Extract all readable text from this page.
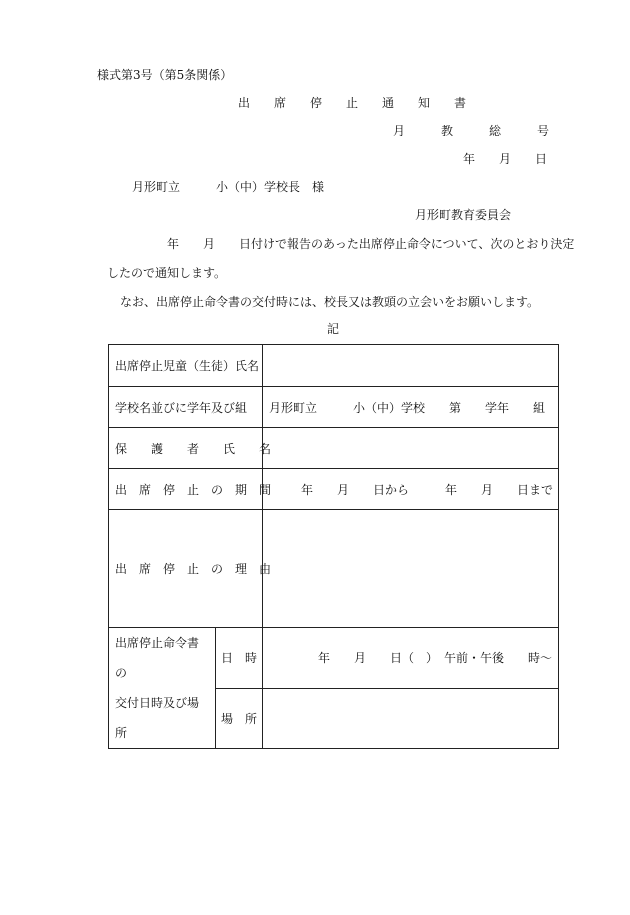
様式第3号（第5条関係）
出　　席　　停　　止　　通　　知　　書
月　　　教　　　総　　　号
年　　月　　日
月形町立　　　小（中）学校長　様
月形町教育委員会
年　　月　　日付けで報告のあった出席停止命令について、次のとおり決定
したので通知します。
なお、出席停止命令書の交付時には、校長又は教頭の立会いをお願いします。
記
出席停止児童（生徒）氏名		
学校名並びに学年及び組		月形町立　　　小（中）学校　　第　　学年　　組
保　　護　　者　　氏　　名		
出　席　停　止　の　期　間		年　　月　　日から　　　年　　月　　日まで
出　席　停　止　の　理　由		

出席停止命令書の
交付日時及び場所	日　時	年　　月　　日（　）　午前・午後　　時〜
	場　所	
